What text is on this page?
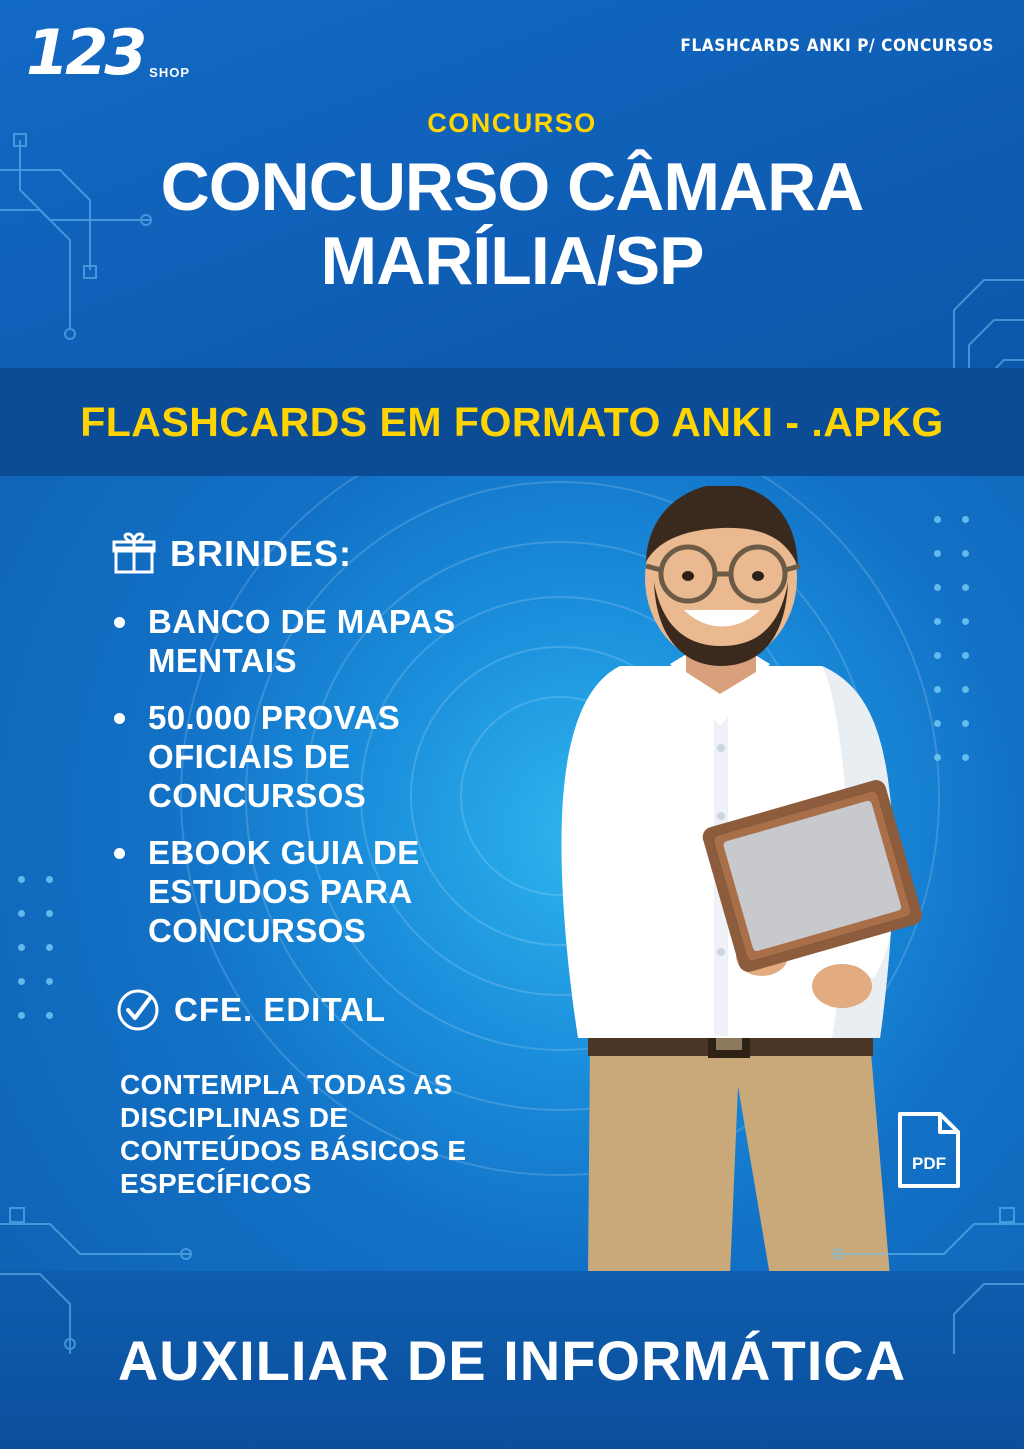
123 SHOP
FLASHCARDS ANKI P/ CONCURSOS
CONCURSO
CONCURSO CÂMARA MARÍLIA/SP
FLASHCARDS EM FORMATO ANKI - .APKG
BRINDES:
BANCO DE MAPAS MENTAIS
50.000 PROVAS OFICIAIS DE CONCURSOS
EBOOK GUIA DE ESTUDOS PARA CONCURSOS
CFE. EDITAL
CONTEMPLA TODAS AS DISCIPLINAS DE CONTEÚDOS BÁSICOS E ESPECÍFICOS
PDF
AUXILIAR DE INFORMÁTICA
